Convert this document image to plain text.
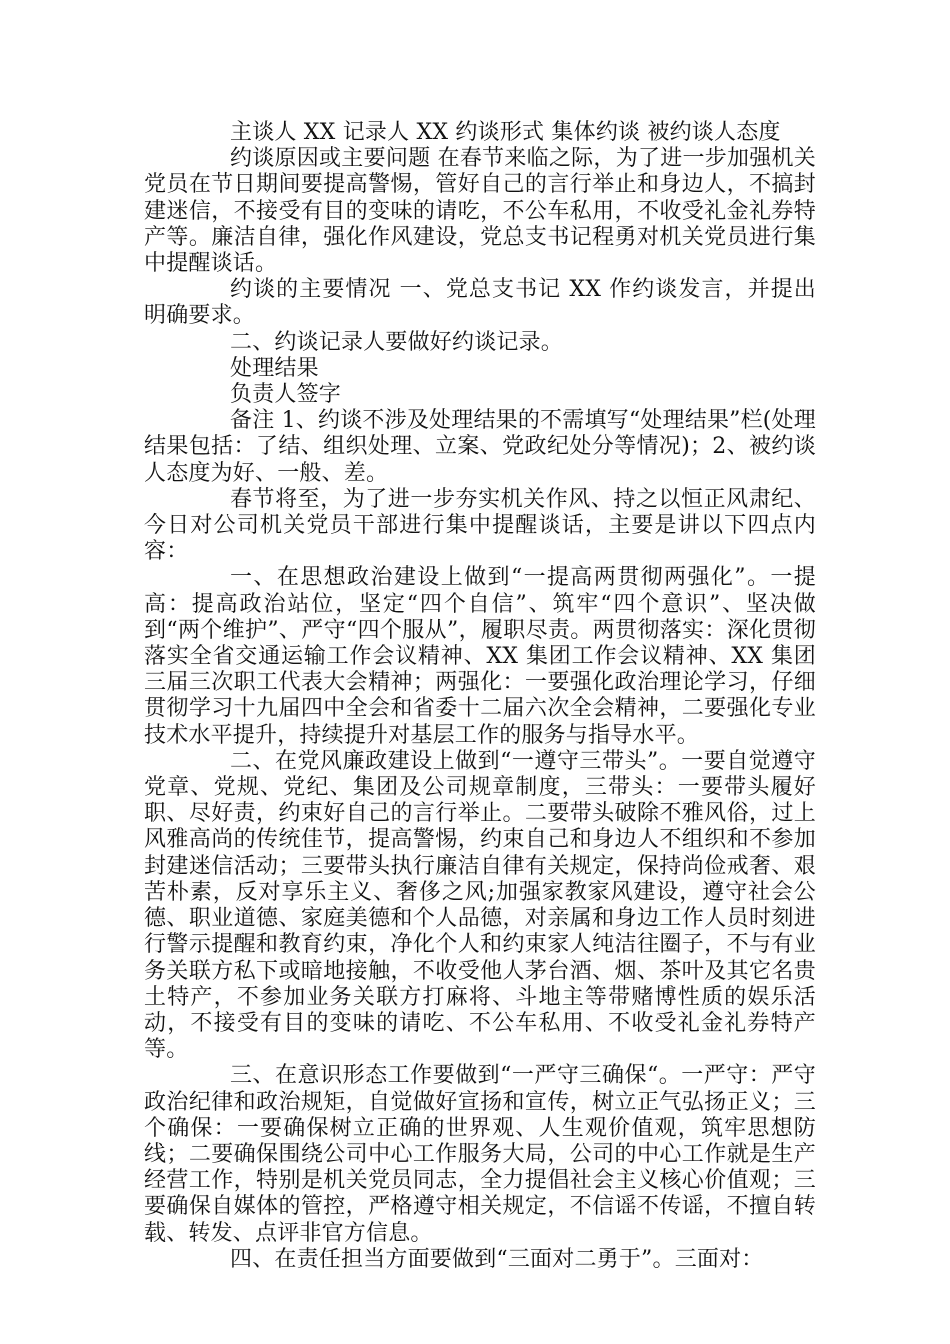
主谈人 XX 记录人 XX 约谈形式 集体约谈 被约谈人态度

约谈原因或主要问题 在春节来临之际，为了进一步加强机关党员在节日期间要提高警惕，管好自己的言行举止和身边人，不搞封建迷信，不接受有目的变味的请吃，不公车私用，不收受礼金礼券特产等。廉洁自律，强化作风建设，党总支书记程勇对机关党员进行集中提醒谈话。

约谈的主要情况 一、党总支书记 XX 作约谈发言，并提出明确要求。

二、约谈记录人要做好约谈记录。

处理结果

负责人签字

备注 1、约谈不涉及处理结果的不需填写“处理结果”栏(处理结果包括：了结、组织处理、立案、党政纪处分等情况)；2、被约谈人态度为好、一般、差。

春节将至，为了进一步夯实机关作风、持之以恒正风肃纪、今日对公司机关党员干部进行集中提醒谈话，主要是讲以下四点内容：

一、在思想政治建设上做到“一提高两贯彻两强化”。一提高：提高政治站位，坚定“四个自信”、筑牢“四个意识”、坚决做到“两个维护”、严守“四个服从”，履职尽责。两贯彻落实：深化贯彻落实全省交通运输工作会议精神、XX 集团工作会议精神、XX 集团三届三次职工代表大会精神；两强化：一要强化政治理论学习，仔细贯彻学习十九届四中全会和省委十二届六次全会精神，二要强化专业技术水平提升，持续提升对基层工作的服务与指导水平。

二、在党风廉政建设上做到“一遵守三带头”。一要自觉遵守党章、党规、党纪、集团及公司规章制度，三带头：一要带头履好职、尽好责，约束好自己的言行举止。二要带头破除不雅风俗，过上风雅高尚的传统佳节，提高警惕，约束自己和身边人不组织和不参加封建迷信活动；三要带头执行廉洁自律有关规定，保持尚俭戒奢、艰苦朴素，反对享乐主义、奢侈之风;加强家教家风建设，遵守社会公德、职业道德、家庭美德和个人品德，对亲属和身边工作人员时刻进行警示提醒和教育约束，净化个人和约束家人纯洁往圈子，不与有业务关联方私下或暗地接触，不收受他人茅台酒、烟、茶叶及其它名贵土特产，不参加业务关联方打麻将、斗地主等带赌博性质的娱乐活动，不接受有目的变味的请吃、不公车私用、不收受礼金礼券特产等。

三、在意识形态工作要做到“一严守三确保“。一严守：严守政治纪律和政治规矩，自觉做好宣扬和宣传，树立正气弘扬正义；三个确保：一要确保树立正确的世界观、人生观价值观，筑牢思想防线；二要确保围绕公司中心工作服务大局，公司的中心工作就是生产经营工作，特别是机关党员同志，全力提倡社会主义核心价值观；三要确保自媒体的管控，严格遵守相关规定，不信谣不传谣，不擅自转载、转发、点评非官方信息。

四、在责任担当方面要做到“三面对二勇于”。三面对：
